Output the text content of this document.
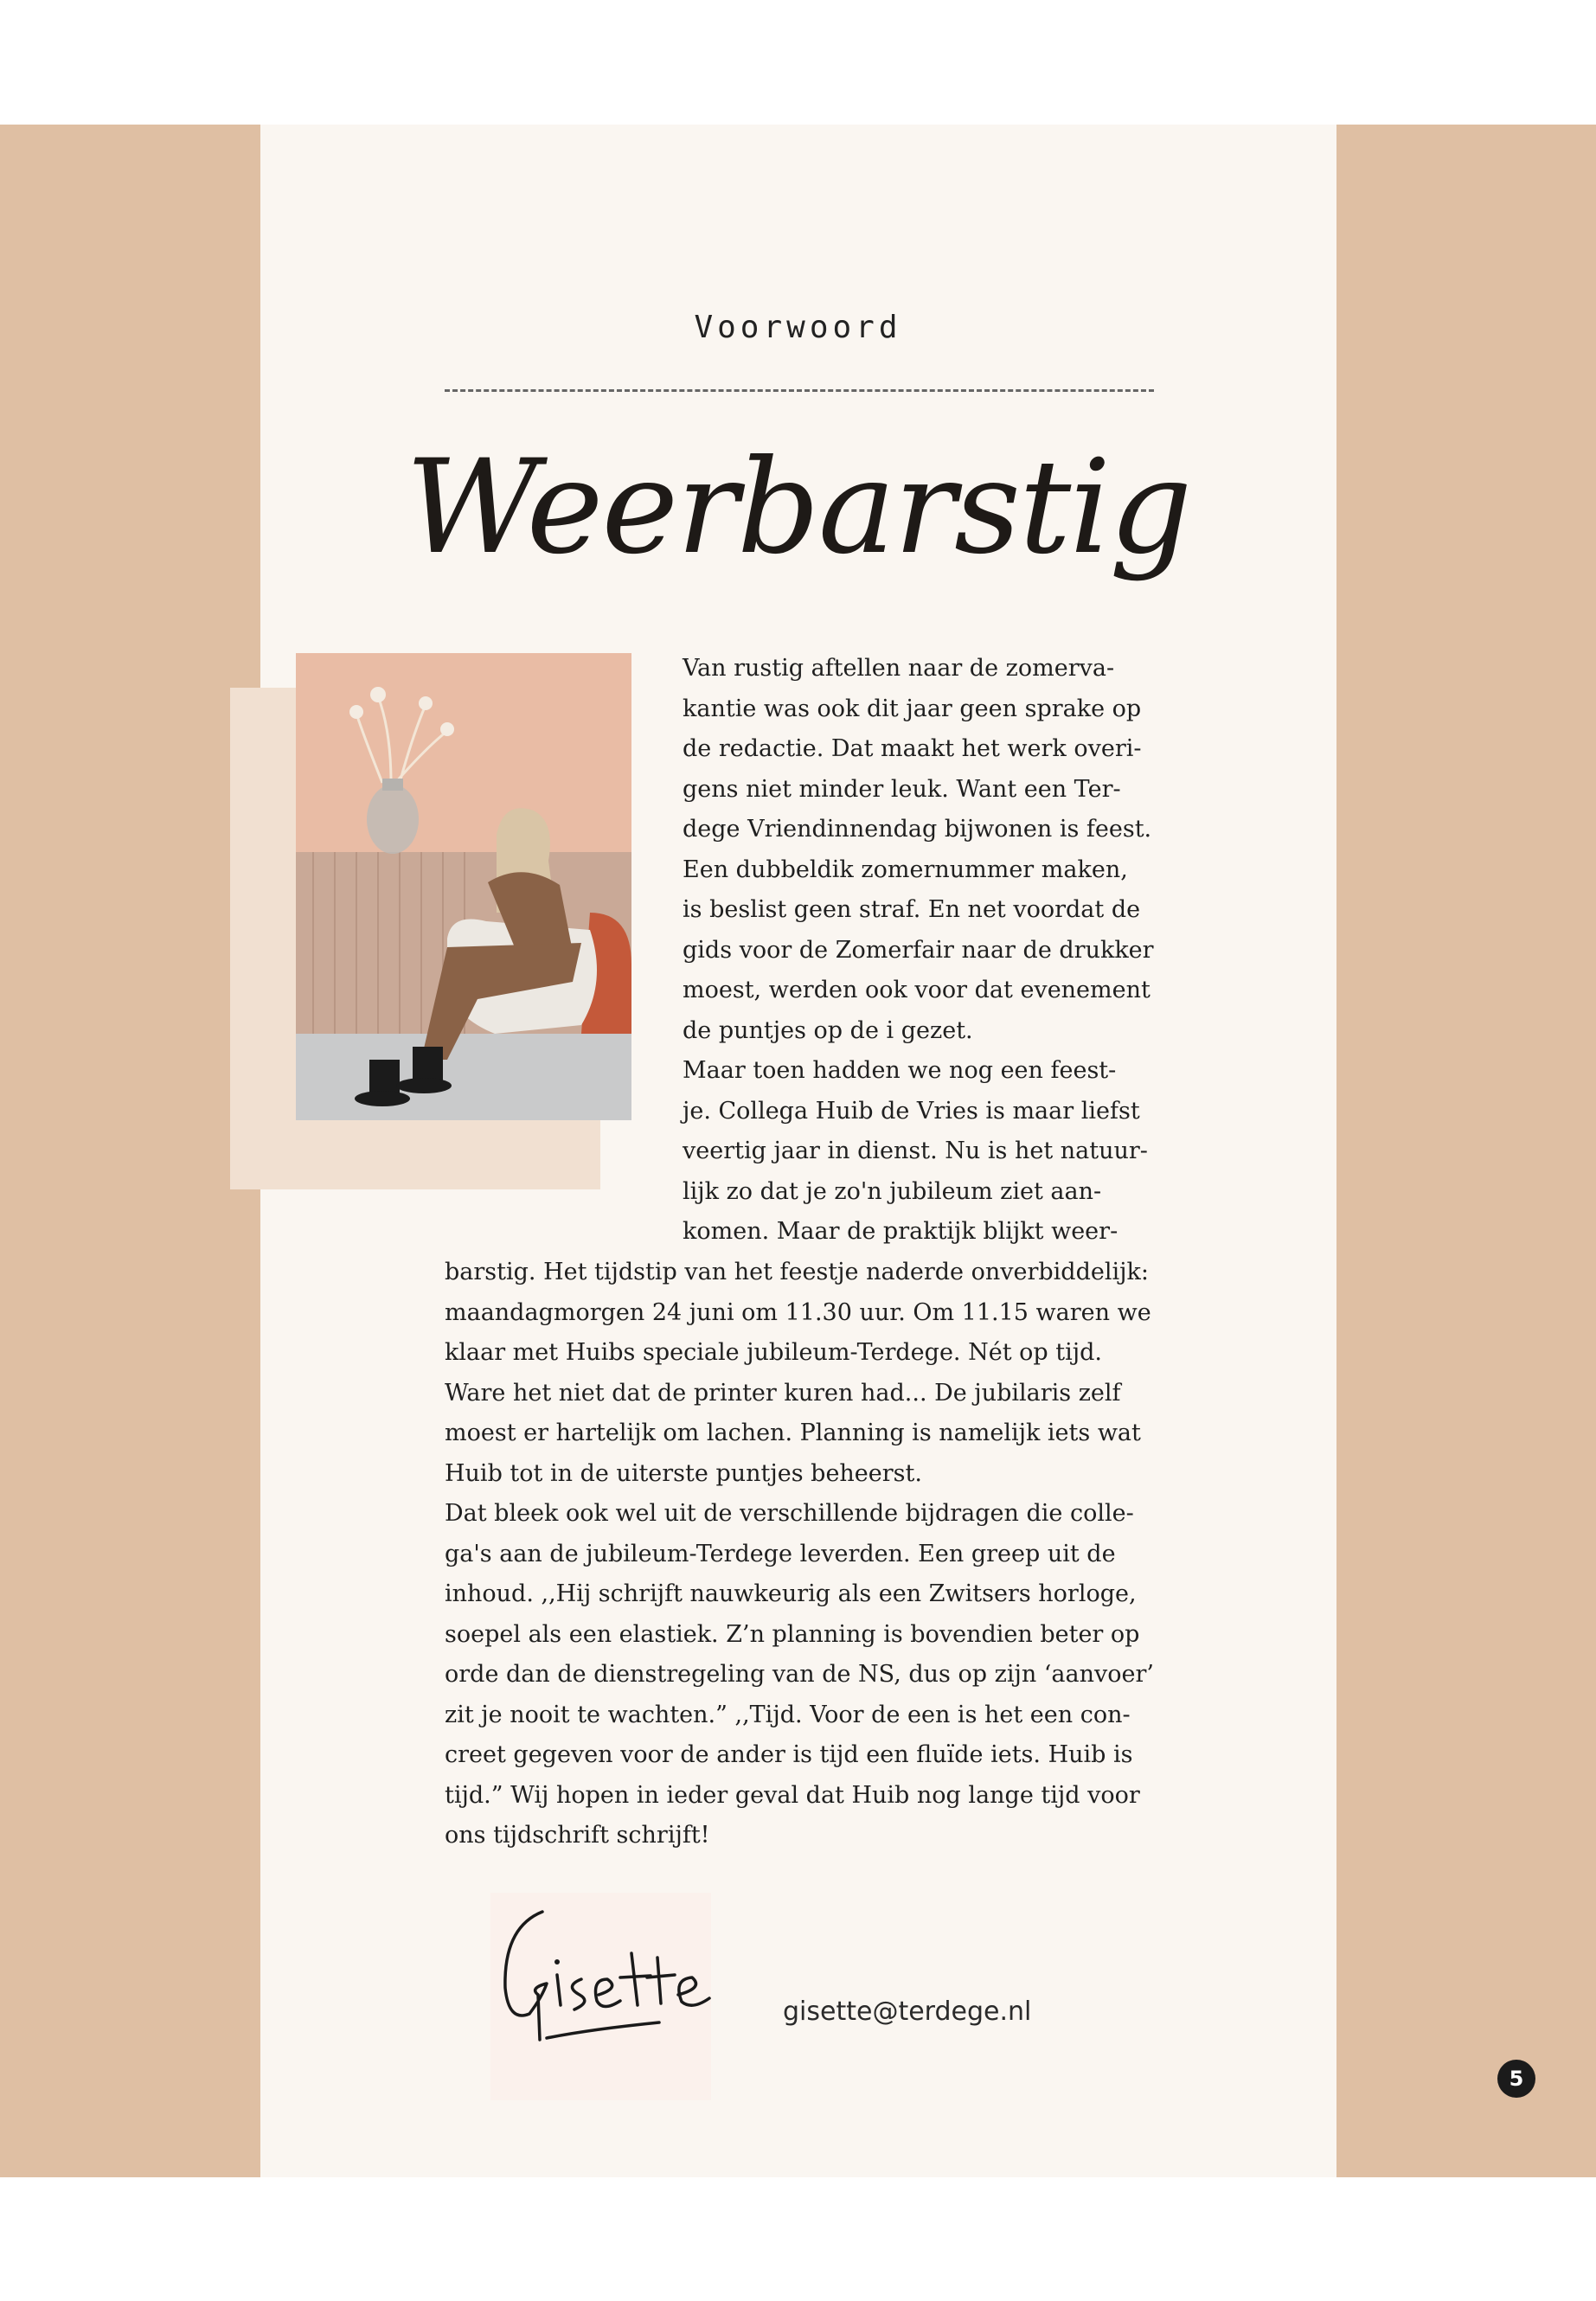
Voorwoord
Weerbarstig
Van rustig aftellen naar de zomerva-
kantie was ook dit jaar geen sprake op
de redactie. Dat maakt het werk overi-
gens niet minder leuk. Want een Ter-
dege Vriendinnendag bijwonen is feest.
Een dubbeldik zomernummer maken,
is beslist geen straf. En net voordat de
gids voor de Zomerfair naar de drukker
moest, werden ook voor dat evenement
de puntjes op de i gezet.
Maar toen hadden we nog een feest-
je. Collega Huib de Vries is maar liefst
veertig jaar in dienst. Nu is het natuur-
lijk zo dat je zo'n jubileum ziet aan-
komen. Maar de praktijk blijkt weer-
barstig. Het tijdstip van het feestje naderde onverbiddelijk:
maandagmorgen 24 juni om 11.30 uur. Om 11.15 waren we
klaar met Huibs speciale jubileum-Terdege. Nét op tijd.
Ware het niet dat de printer kuren had... De jubilaris zelf
moest er hartelijk om lachen. Planning is namelijk iets wat
Huib tot in de uiterste puntjes beheerst.
Dat bleek ook wel uit de verschillende bijdragen die colle-
ga's aan de jubileum-Terdege leverden. Een greep uit de
inhoud. ,,Hij schrijft nauwkeurig als een Zwitsers horloge,
soepel als een elastiek. Z’n planning is bovendien beter op
orde dan de dienstregeling van de NS, dus op zijn ‘aanvoer’
zit je nooit te wachten.” ,,Tijd. Voor de een is het een con-
creet gegeven voor de ander is tijd een fluïde iets. Huib is
tijd.” Wij hopen in ieder geval dat Huib nog lange tijd voor
ons tijdschrift schrijft!
gisette@terdege.nl
5
